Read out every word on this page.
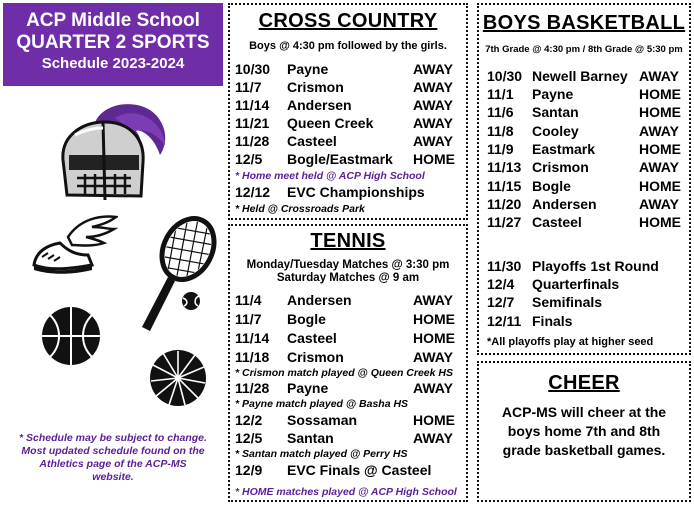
ACP Middle School
QUARTER 2 SPORTS
Schedule 2023-2024
* Schedule may be subject to change. Most updated schedule found on the Athletics page of the ACP-MS website.
CROSS COUNTRY
Boys @ 4:30 pm followed by the girls.
10/30 Payne	AWAY
11/7 Crismon	AWAY
11/14 Andersen	AWAY
11/21 Queen Creek	AWAY
11/28 Casteel	AWAY
12/5 Bogle/Eastmark HOME
* Home meet held @ ACP High School
12/12 EVC Championships
* Held @ Crossroads Park
TENNIS
Monday/Tuesday Matches @ 3:30 pm
Saturday Matches @ 9 am
11/4 Andersen	AWAY
11/7 Bogle	HOME
11/14 Casteel	HOME
11/18 Crismon	AWAY
* Crismon match played @ Queen Creek HS
11/28 Payne	AWAY
* Payne match played @ Basha HS
12/2 Sossaman	HOME
12/5 Santan	AWAY
* Santan match played @ Perry HS
12/9 EVC Finals @ Casteel
* HOME matches played @ ACP High School
BOYS BASKETBALL
7th Grade @ 4:30 pm / 8th Grade @ 5:30 pm
10/30 Newell Barney AWAY
11/1 Payne	HOME
11/6 Santan	HOME
11/8 Cooley	AWAY
11/9 Eastmark	HOME
11/13 Crismon	AWAY
11/15 Bogle	HOME
11/20 Andersen	AWAY
11/27 Casteel	HOME
11/30 Playoffs 1st Round
12/4 Quarterfinals
12/7 Semifinals
12/11 Finals
*All playoffs play at higher seed
CHEER
ACP-MS will cheer at the boys home 7th and 8th grade basketball games.
